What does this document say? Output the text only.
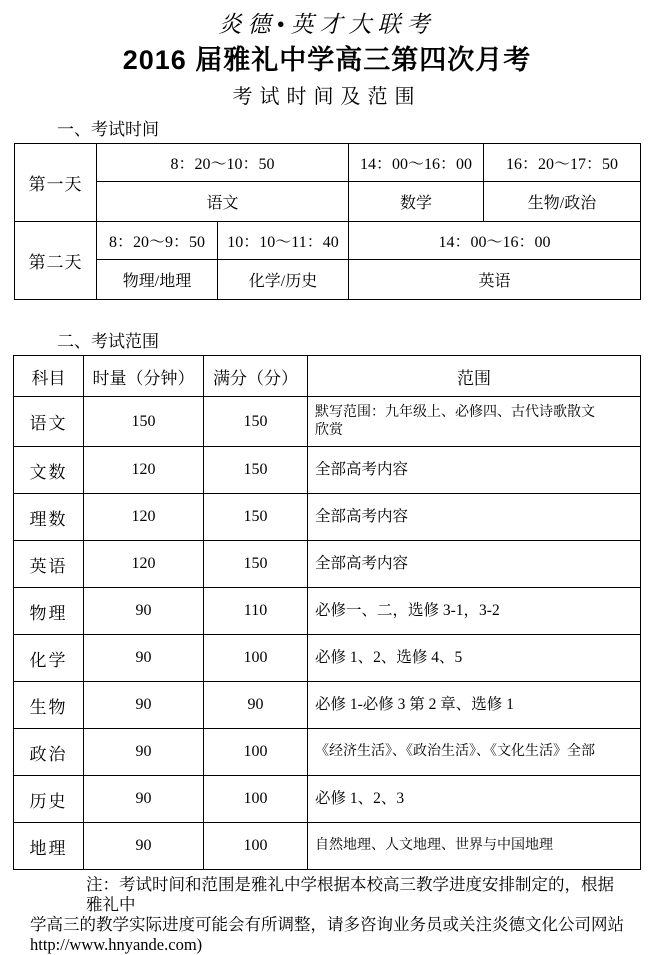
炎德•英才大联考
2016 届雅礼中学高三第四次月考
考试时间及范围
一、考试时间
第一天	8：20～10：50		14：00～16：00	16：20～17：50
	语文		数学	生物/政治
第二天	8：20～9：50	10：10～11：40	14：00～16：00	
	物理/地理	化学/历史	英语	
二、考试范围
科目	时量（分钟）	满分（分）	范围
语文	150	150	默写范围：九年级上、必修四、古代诗歌散文欣赏
文数	120	150	全部高考内容
理数	120	150	全部高考内容
英语	120	150	全部高考内容
物理	90	110	必修一、二，选修 3-1，3-2
化学	90	100	必修 1、2、选修 4、5
生物	90	90	必修 1-必修 3 第 2 章、选修 1
政治	90	100	《经济生活》、《政治生活》、《文化生活》全部
历史	90	100	必修 1、2、3
地理	90	100	自然地理、人文地理、世界与中国地理
注：考试时间和范围是雅礼中学根据本校高三教学进度安排制定的，根据雅礼中
学高三的教学实际进度可能会有所调整，请多咨询业务员或关注炎德文化公司网站
http://www.hnyande.com)
